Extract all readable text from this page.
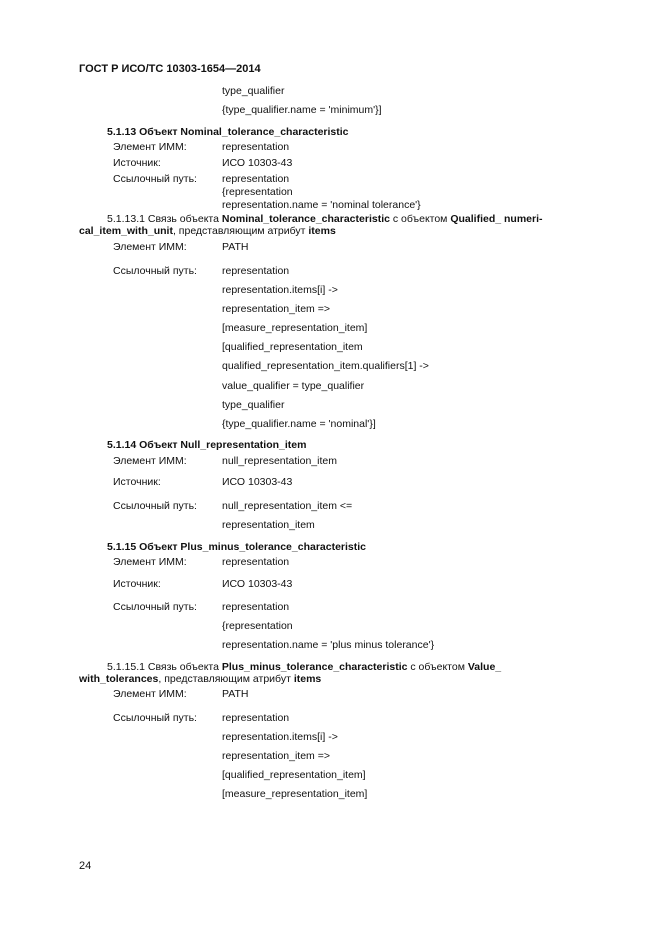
ГОСТ Р ИСО/ТС 10303-1654—2014
type_qualifier
{type_qualifier.name = 'minimum'}]
5.1.13 Объект Nominal_tolerance_characteristic
Элемент ИММ:	representation
Источник:	ИСО 10303-43
Ссылочный путь: representation
{representation
representation.name = 'nominal tolerance'}
5.1.13.1 Связь объекта Nominal_tolerance_characteristic с объектом Qualified_ numeri-
cal_item_with_unit, представляющим атрибут items
Элемент ИММ:	PATH
Ссылочный путь: representation
representation.items[i] ->
representation_item =>
[measure_representation_item]
[qualified_representation_item
qualified_representation_item.qualifiers[1] ->
value_qualifier = type_qualifier
type_qualifier
{type_qualifier.name = 'nominal'}]
5.1.14 Объект Null_representation_item
Элемент ИММ:	null_representation_item
Источник:	ИСО 10303-43
Ссылочный путь: null_representation_item <=
representation_item
5.1.15 Объект Plus_minus_tolerance_characteristic
Элемент ИММ:	representation
Источник:	ИСО 10303-43
Ссылочный путь: representation
{representation
representation.name = 'plus minus tolerance'}
5.1.15.1 Связь объекта Plus_minus_tolerance_characteristic с объектом Value_
with_tolerances, представляющим атрибут items
Элемент ИММ:	PATH
Ссылочный путь: representation
representation.items[i] ->
representation_item =>
[qualified_representation_item]
[measure_representation_item]
24
